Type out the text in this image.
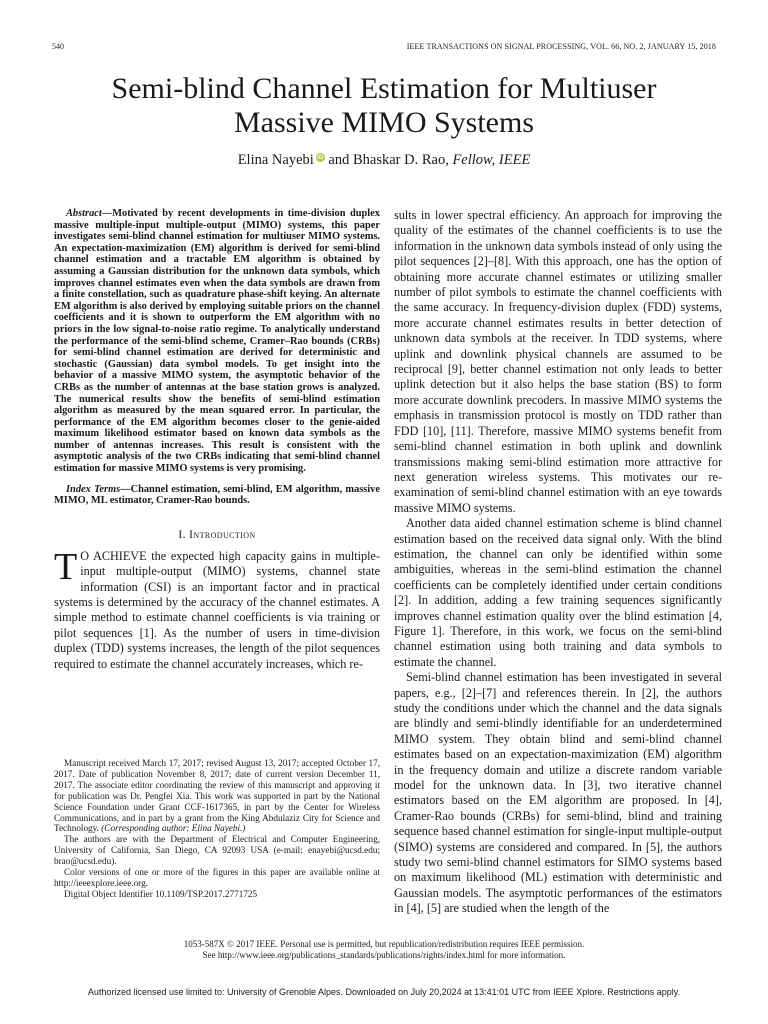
540	IEEE TRANSACTIONS ON SIGNAL PROCESSING, VOL. 66, NO. 2, JANUARY 15, 2018
Semi-blind Channel Estimation for Multiuser
Massive MIMO Systems
Elina Nayebi iD and Bhaskar D. Rao, Fellow, IEEE

Abstract—Motivated by recent developments in time-division duplex massive multiple-input multiple-output (MIMO) systems, this paper investigates semi-blind channel estimation for multiuser MIMO systems. An expectation-maximization (EM) algorithm is derived for semi-blind channel estimation and a tractable EM algorithm is obtained by assuming a Gaussian distribution for the unknown data symbols, which improves channel estimates even when the data symbols are drawn from a finite constellation, such as quadrature phase-shift keying. An alternate EM algorithm is also derived by employing suitable priors on the channel coefficients and it is shown to outperform the EM algorithm with no priors in the low signal-to-noise ratio regime. To analytically understand the performance of the semi-blind scheme, Cramer–Rao bounds (CRBs) for semi-blind channel estimation are derived for deterministic and stochastic (Gaussian) data symbol models. To get insight into the behavior of a massive MIMO system, the asymptotic behavior of the CRBs as the number of antennas at the base station grows is analyzed. The numerical results show the benefits of semi-blind estimation algorithm as measured by the mean squared error. In particular, the performance of the EM algorithm becomes closer to the genie-aided maximum likelihood estimator based on known data symbols as the number of antennas increases. This result is consistent with the asymptotic analysis of the two CRBs indicating that semi-blind channel estimation for massive MIMO systems is very promising.

Index Terms—Channel estimation, semi-blind, EM algorithm, massive MIMO, ML estimator, Cramer-Rao bounds.

I. Introduction

T O ACHIEVE the expected high capacity gains in multiple-input multiple-output (MIMO) systems, channel state information (CSI) is an important factor and in practical systems is determined by the accuracy of the channel estimates. A simple method to estimate channel coefficients is via training or pilot sequences [1]. As the number of users in time-division duplex (TDD) systems increases, the length of the pilot sequences required to estimate the channel accurately increases, which re-

Manuscript received March 17, 2017; revised August 13, 2017; accepted October 17, 2017. Date of publication November 8, 2017; date of current version December 11, 2017. The associate editor coordinating the review of this manuscript and approving it for publication was Dr. Pengfei Xia. This work was supported in part by the National Science Foundation under Grant CCF-1617365, in part by the Center for Wireless Communications, and in part by a grant from the King Abdulaziz City for Science and Technology. (Corresponding author: Elina Nayebi.)

The authors are with the Department of Electrical and Computer Engineering, University of California, San Diego, CA 92093 USA (e-mail: enayebi@ucsd.edu; brao@ucsd.edu).

Color versions of one or more of the figures in this paper are available online at http://ieeexplore.ieee.org.

Digital Object Identifier 10.1109/TSP.2017.2771725

sults in lower spectral efficiency. An approach for improving the quality of the estimates of the channel coefficients is to use the information in the unknown data symbols instead of only using the pilot sequences [2]–[8]. With this approach, one has the option of obtaining more accurate channel estimates or utilizing smaller number of pilot symbols to estimate the channel coefficients with the same accuracy. In frequency-division duplex (FDD) systems, more accurate channel estimates results in better detection of unknown data symbols at the receiver. In TDD systems, where uplink and downlink physical channels are assumed to be reciprocal [9], better channel estimation not only leads to better uplink detection but it also helps the base station (BS) to form more accurate downlink precoders. In massive MIMO systems the emphasis in transmission protocol is mostly on TDD rather than FDD [10], [11]. Therefore, massive MIMO systems benefit from semi-blind channel estimation in both uplink and downlink transmissions making semi-blind estimation more attractive for next generation wireless systems. This motivates our re-examination of semi-blind channel estimation with an eye towards massive MIMO systems.

Another data aided channel estimation scheme is blind channel estimation based on the received data signal only. With the blind estimation, the channel can only be identified within some ambiguities, whereas in the semi-blind estimation the channel coefficients can be completely identified under certain conditions [2]. In addition, adding a few training sequences significantly improves channel estimation quality over the blind estimation [4, Figure 1]. Therefore, in this work, we focus on the semi-blind channel estimation using both training and data symbols to estimate the channel.

Semi-blind channel estimation has been investigated in several papers, e.g., [2]–[7] and references therein. In [2], the authors study the conditions under which the channel and the data signals are blindly and semi-blindly identifiable for an underdetermined MIMO system. They obtain blind and semi-blind channel estimates based on an expectation-maximization (EM) algorithm in the frequency domain and utilize a discrete random variable model for the unknown data. In [3], two iterative channel estimators based on the EM algorithm are proposed. In [4], Cramer-Rao bounds (CRBs) for semi-blind, blind and training sequence based channel estimation for single-input multiple-output (SIMO) systems are considered and compared. In [5], the authors study two semi-blind channel estimators for SIMO systems based on maximum likelihood (ML) estimation with deterministic and Gaussian models. The asymptotic performances of the estimators in [4], [5] are studied when the length of the

1053-587X © 2017 IEEE. Personal use is permitted, but republication/redistribution requires IEEE permission.
See http://www.ieee.org/publications_standards/publications/rights/index.html for more information.
Authorized licensed use limited to: University of Grenoble Alpes. Downloaded on July 20,2024 at 13:41:01 UTC from IEEE Xplore. Restrictions apply.
